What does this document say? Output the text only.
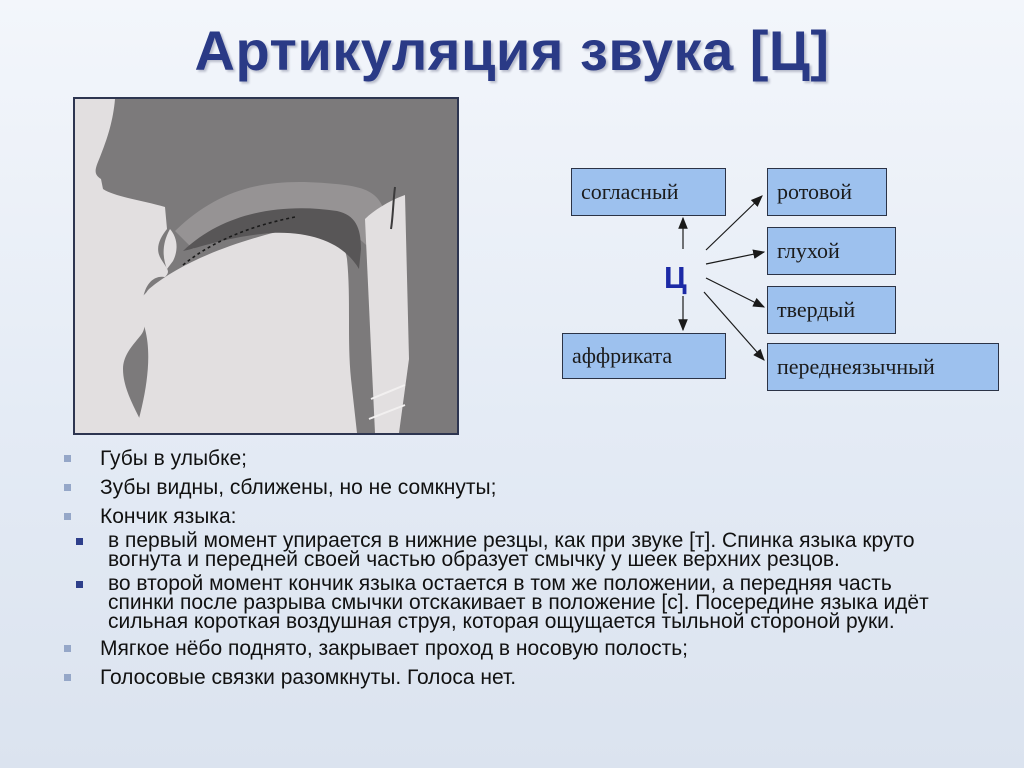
Артикуляция звука [Ц]
согласный
аффриката
ротовой
глухой
твердый
переднеязычный
Ц
Губы в улыбке;
Зубы видны, сближены, но не сомкнуты;
Кончик языка:
в первый момент упирается в нижние резцы, как при звуке [т]. Спинка языка круто вогнута и передней своей частью образует смычку у шеек верхних резцов.
во второй момент кончик языка остается в том же положении, а передняя часть спинки после разрыва смычки отскакивает в положение [с]. Посередине языка идёт сильная короткая воздушная струя, которая ощущается тыльной стороной руки.
Мягкое нёбо поднято, закрывает проход в носовую полость;
Голосовые связки разомкнуты. Голоса нет.
